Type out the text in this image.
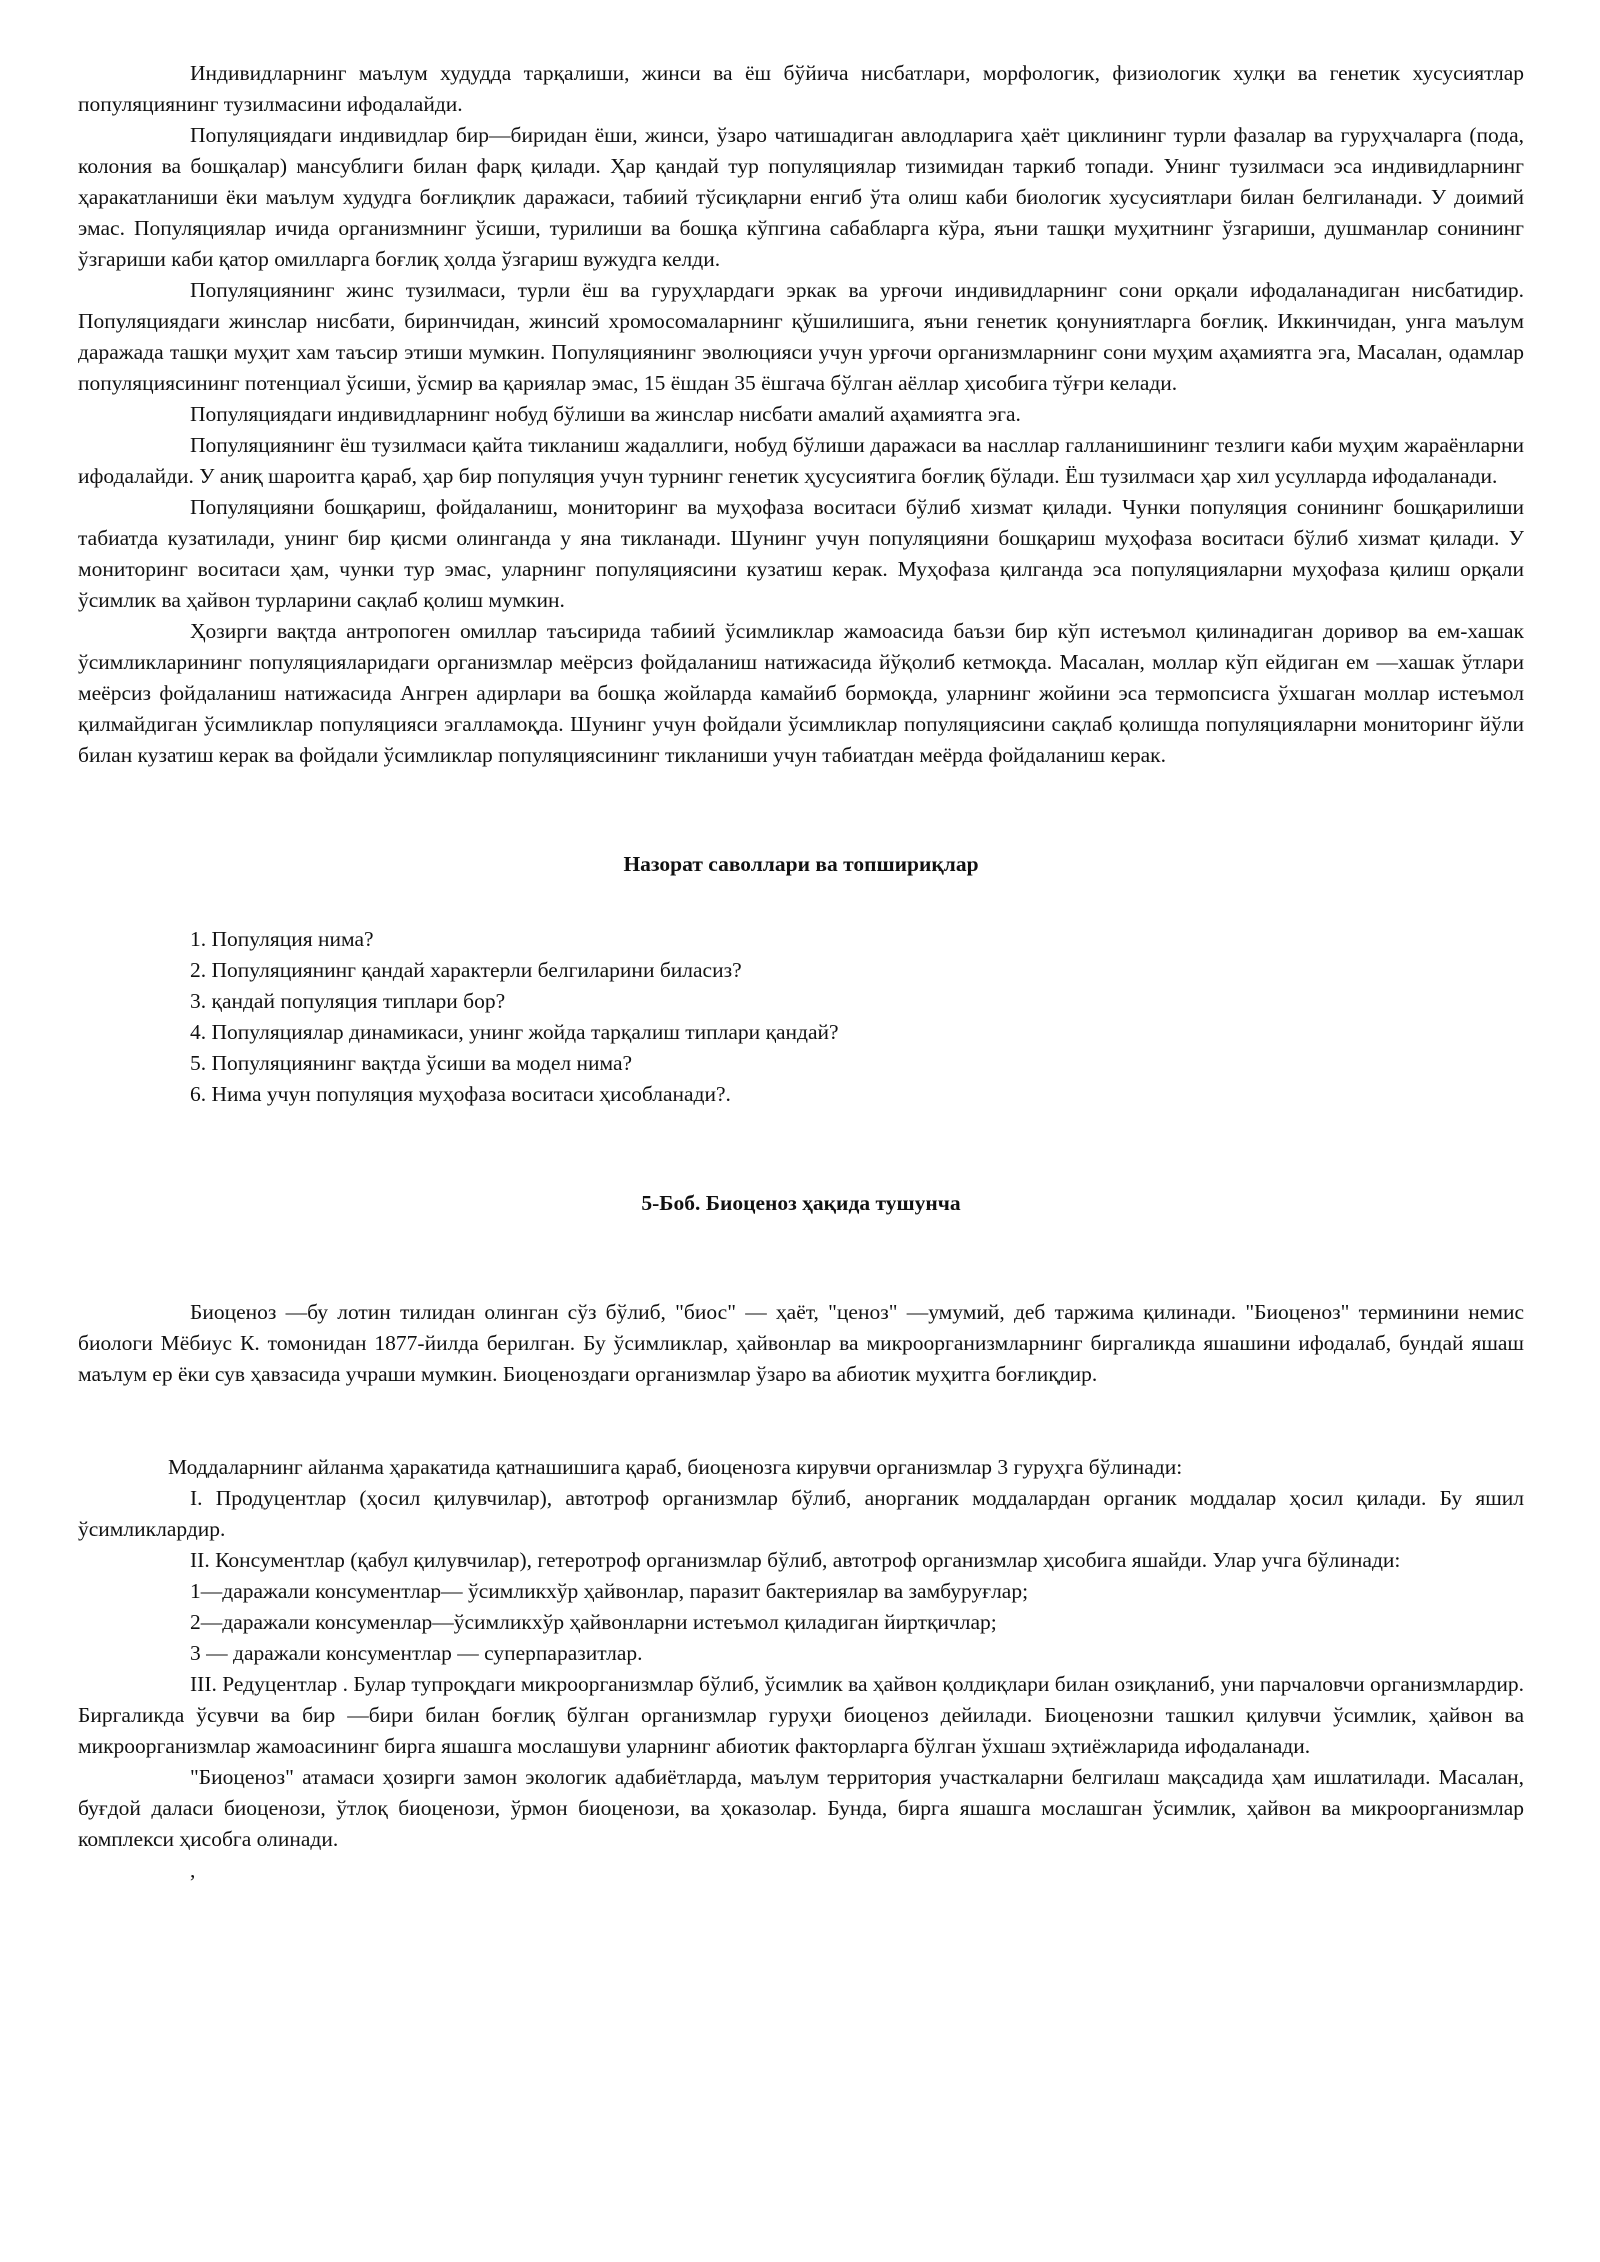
Индивидларнинг маълум худудда тарқалиши, жинси ва ёш бўйича нисбатлари, морфологик, физиологик хулқи ва генетик хусусиятлар популяциянинг тузилмасини ифодалайди.

Популяциядаги индивидлар бир—биридан ёши, жинси, ўзаро чатишадиган авлодларига ҳаёт циклининг турли фазалар ва гуруҳчаларга (пода, колония ва бошқалар) мансублиги билан фарқ қилади. Ҳар қандай тур популяциялар тизимидан таркиб топади. Унинг тузилмаси эса индивидларнинг ҳаракатланиши ёки маълум худудга боғлиқлик даражаси, табиий тўсиқларни енгиб ўта олиш каби биологик хусусиятлари билан белгиланади. У доимий эмас. Популяциялар ичида организмнинг ўсиши, турилиши ва бошқа кўпгина сабабларга кўра, яъни ташқи муҳитнинг ўзгариши, душманлар сонининг ўзгариши каби қатор омилларга боғлиқ ҳолда ўзгариш вужудга келди.

Популяциянинг жинс тузилмаси, турли ёш ва гуруҳлардаги эркак ва урғочи индивидларнинг сони орқали ифодаланадиган нисбатидир. Популяциядаги жинслар нисбати, биринчидан, жинсий хромосомаларнинг қўшилишига, яъни генетик қонуниятларга боғлиқ. Иккинчидан, унга маълум даражада ташқи муҳит хам таъсир этиши мумкин. Популяциянинг эволюцияси учун урғочи организмларнинг сони муҳим аҳамиятга эга, Масалан, одамлар популяциясининг потенциал ўсиши, ўсмир ва қариялар эмас, 15 ёшдан 35 ёшгача бўлган аёллар ҳисобига тўғри келади.

Популяциядаги индивидларнинг нобуд бўлиши ва жинслар нисбати амалий аҳамиятга эга.

Популяциянинг ёш тузилмаси қайта тикланиш жадаллиги, нобуд бўлиши даражаси ва насллар галланишининг тезлиги каби муҳим жараёнларни ифодалайди. У аниқ шароитга қараб, ҳар бир популяция учун турнинг генетик ҳусусиятига боғлиқ бўлади. Ёш тузилмаси ҳар хил усулларда ифодаланади.

Популяцияни бошқариш, фойдаланиш, мониторинг ва муҳофаза воситаси бўлиб хизмат қилади. Чунки популяция сонининг бошқарилиши табиатда кузатилади, унинг бир қисми олинганда у яна тикланади. Шунинг учун популяцияни бошқариш муҳофаза воситаси бўлиб хизмат қилади. У мониторинг воситаси ҳам, чунки тур эмас, уларнинг популяциясини кузатиш керак. Муҳофаза қилганда эса популяцияларни муҳофаза қилиш орқали ўсимлик ва ҳайвон турларини сақлаб қолиш мумкин.

Ҳозирги вақтда антропоген омиллар таъсирида табиий ўсимликлар жамоасида баъзи бир кўп истеъмол қилинадиган доривор ва ем-хашак ўсимликларининг популяцияларидаги организмлар меёрсиз фойдаланиш натижасида йўқолиб кетмоқда. Масалан, моллар кўп ейдиган ем —хашак ўтлари меёрсиз фойдаланиш натижасида Ангрен адирлари ва бошқа жойларда камайиб бормоқда, уларнинг жойини эса термопсисга ўхшаган моллар истеъмол қилмайдиган ўсимликлар популяцияси эгалламоқда. Шунинг учун фойдали ўсимликлар популяциясини сақлаб қолишда популяцияларни мониторинг йўли билан кузатиш керак ва фойдали ўсимликлар популяциясининг тикланиши учун табиатдан меёрда фойдаланиш керак.

Назорат саволлари ва топшириқлар

1. Популяция нима?
2. Популяциянинг қандай характерли белгиларини биласиз?
3. қандай популяция типлари бор?
4. Популяциялар динамикаси, унинг жойда тарқалиш типлари қандай?
5. Популяциянинг вақтда ўсиши ва модел нима?
6. Нима учун популяция муҳофаза воситаси ҳисобланади?.

5-Боб. Биоценоз ҳақида тушунча

Биоценоз —бу лотин тилидан олинган сўз бўлиб, "биос" — ҳаёт, "ценоз" —умумий, деб таржима қилинади. "Биоценоз" терминини немис биологи Мёбиус К. томонидан 1877-йилда берилган. Бу ўсимликлар, ҳайвонлар ва микроорганизмларнинг биргаликда яшашини ифодалаб, бундай яшаш маълум ер ёки сув ҳавзасида учраши мумкин. Биоценоздаги организмлар ўзаро ва абиотик муҳитга боғлиқдир.

Моддаларнинг айланма ҳаракатида қатнашишига қараб, биоценозга кирувчи организмлар 3 гуруҳга бўлинади:

I. Продуцентлар (ҳосил қилувчилар), автотроф организмлар бўлиб, анорганик моддалардан органик моддалар ҳосил қилади. Бу яшил ўсимликлардир.

II. Консументлар (қабул қилувчилар), гетеротроф организмлар бўлиб, автотроф организмлар ҳисобига яшайди. Улар учга бўлинади:

1—даражали консументлар— ўсимликхўр ҳайвонлар, паразит бактериялар ва замбуруғлар;

2—даражали консуменлар—ўсимликхўр ҳайвонларни истеъмол қиладиган йиртқичлар;

3 — даражали консументлар — суперпаразитлар.

III. Редуцентлар . Булар тупроқдаги микроорганизмлар бўлиб, ўсимлик ва ҳайвон қолдиқлари билан озиқланиб, уни парчаловчи организмлардир. Биргаликда ўсувчи ва бир —бири билан боғлиқ бўлган организмлар гуруҳи биоценоз дейилади. Биоценозни ташкил қилувчи ўсимлик, ҳайвон ва микроорганизмлар жамоасининг бирга яшашга мослашуви уларнинг абиотик факторларга бўлган ўхшаш эҳтиёжларида ифодаланади.

"Биоценоз" атамаси ҳозирги замон экологик адабиётларда, маълум территория участкаларни белгилаш мақсадида ҳам ишлатилади. Масалан, буғдой даласи биоценози, ўтлоқ биоценози, ўрмон биоценози, ва ҳоказолар. Бунда, бирга яшашга мослашган ўсимлик, ҳайвон ва микроорганизмлар комплекси ҳисобга олинади.

,
